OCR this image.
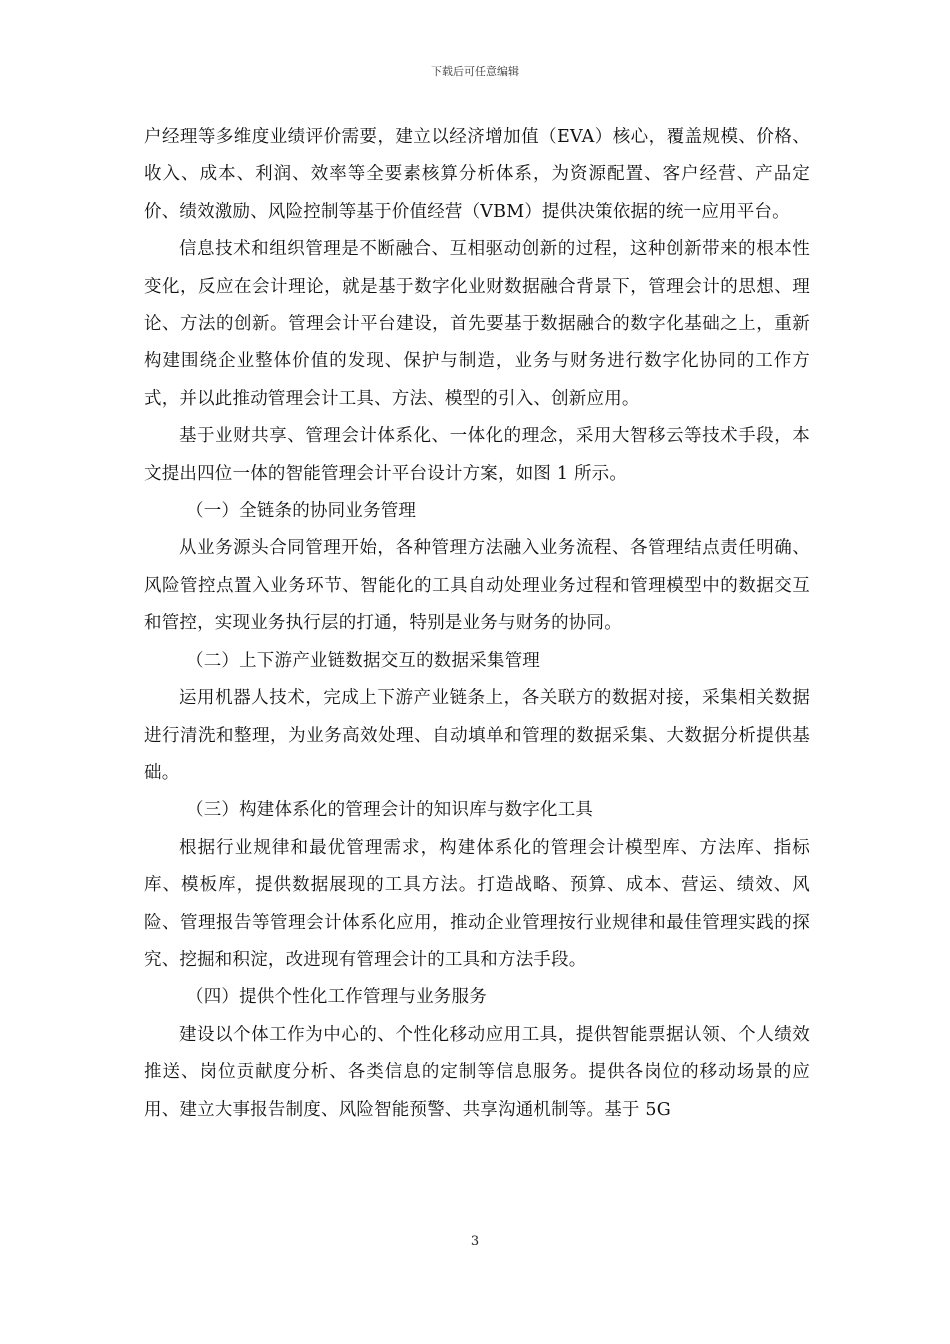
下载后可任意编辑

户经理等多维度业绩评价需要，建立以经济增加值（EVA）核心，覆盖规模、价格、收入、成本、利润、效率等全要素核算分析体系，为资源配置、客户经营、产品定价、绩效激励、风险控制等基于价值经营（VBM）提供决策依据的统一应用平台。

信息技术和组织管理是不断融合、互相驱动创新的过程，这种创新带来的根本性变化，反应在会计理论，就是基于数字化业财数据融合背景下，管理会计的思想、理论、方法的创新。管理会计平台建设，首先要基于数据融合的数字化基础之上，重新构建围绕企业整体价值的发现、保护与制造，业务与财务进行数字化协同的工作方式，并以此推动管理会计工具、方法、模型的引入、创新应用。

基于业财共享、管理会计体系化、一体化的理念，采用大智移云等技术手段，本文提出四位一体的智能管理会计平台设计方案，如图 1 所示。

（一）全链条的协同业务管理

从业务源头合同管理开始，各种管理方法融入业务流程、各管理结点责任明确、风险管控点置入业务环节、智能化的工具自动处理业务过程和管理模型中的数据交互和管控，实现业务执行层的打通，特别是业务与财务的协同。

（二）上下游产业链数据交互的数据采集管理

运用机器人技术，完成上下游产业链条上，各关联方的数据对接，采集相关数据进行清洗和整理，为业务高效处理、自动填单和管理的数据采集、大数据分析提供基础。

（三）构建体系化的管理会计的知识库与数字化工具

根据行业规律和最优管理需求，构建体系化的管理会计模型库、方法库、指标库、模板库，提供数据展现的工具方法。打造战略、预算、成本、营运、绩效、风险、管理报告等管理会计体系化应用，推动企业管理按行业规律和最佳管理实践的探究、挖掘和积淀，改进现有管理会计的工具和方法手段。

（四）提供个性化工作管理与业务服务

建设以个体工作为中心的、个性化移动应用工具，提供智能票据认领、个人绩效推送、岗位贡献度分析、各类信息的定制等信息服务。提供各岗位的移动场景的应用、建立大事报告制度、风险智能预警、共享沟通机制等。基于 5G

3
